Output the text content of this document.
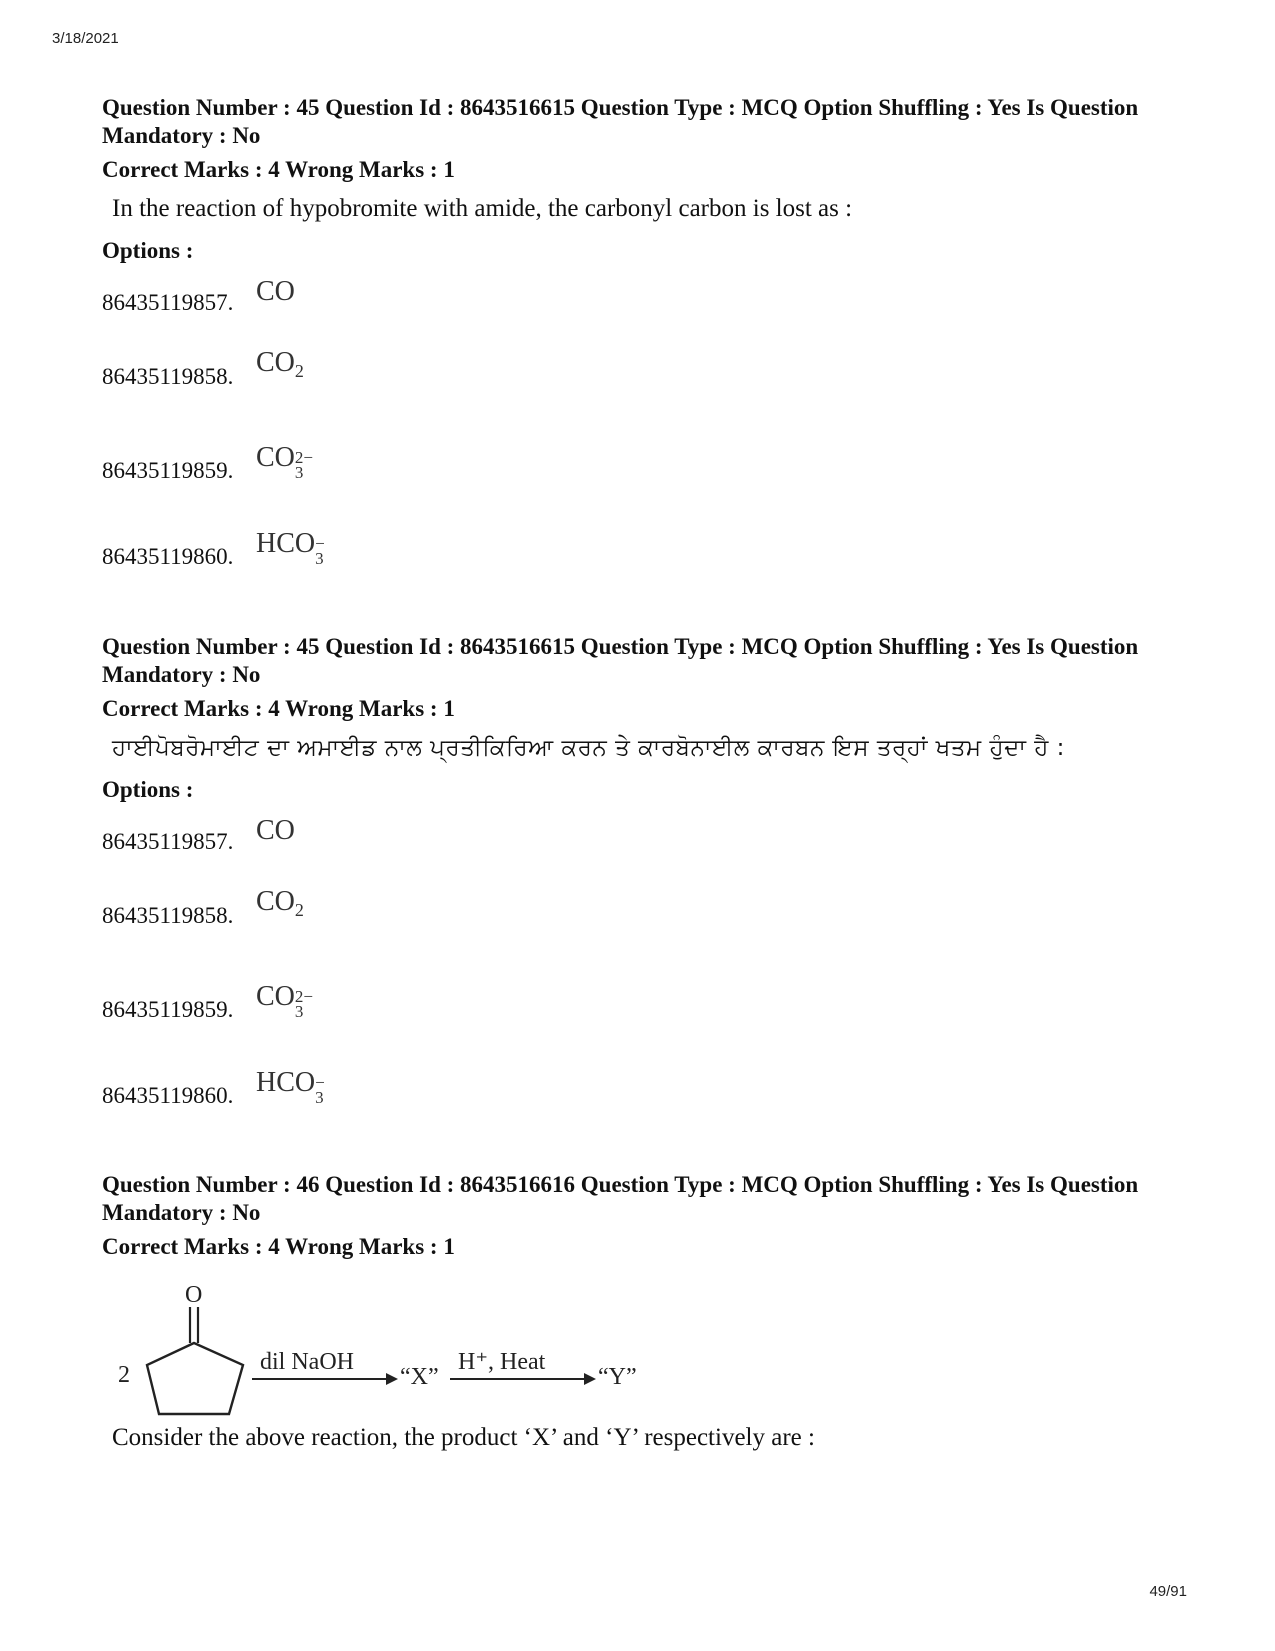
3/18/2021

Question Number : 45 Question Id : 8643516615 Question Type : MCQ Option Shuffling : Yes Is Question Mandatory : No

Correct Marks : 4 Wrong Marks : 1
In the reaction of hypobromite with amide, the carbonyl carbon is lost as :
Options :
86435119857. CO
86435119858. $CO_2$
86435119859. CO 2−
3
86435119860. HCO −
3

Question Number : 45 Question Id : 8643516615 Question Type : MCQ Option Shuffling : Yes Is Question Mandatory : No

Correct Marks : 4 Wrong Marks : 1
ਹਾਈਪੋਬਰੋਮਾਈਟ ਦਾ ਅਮਾਈਡ ਨਾਲ ਪ੍ਰਤੀਕਿਰਿਆ ਕਰਨ ਤੇ ਕਾਰਬੋਨਾਈਲ ਕਾਰਬਨ ਇਸ ਤਰ੍ਹਾਂ ਖਤਮ ਹੁੰਦਾ ਹੈ :
Options :
86435119857. CO
86435119858. $CO_2$
86435119859. CO 2−
3
86435119860. HCO −
3

Question Number : 46 Question Id : 8643516616 Question Type : MCQ Option Shuffling : Yes Is Question Mandatory : No

Correct Marks : 4 Wrong Marks : 1
2
O
dil NaOH
“X”
H⁺, Heat
“Y”
Consider the above reaction, the product ‘X’ and ‘Y’ respectively are :
49/91
